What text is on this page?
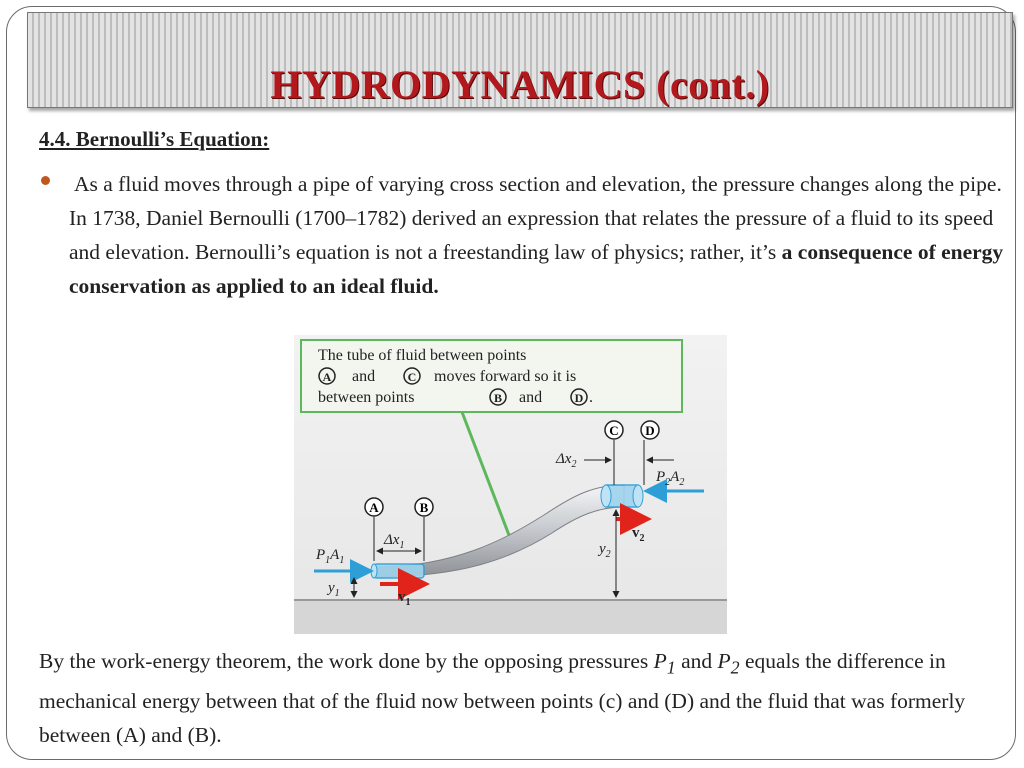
HYDRODYNAMICS (cont.)
4.4. Bernoulli’s Equation:
As a fluid moves through a pipe of varying cross section and elevation, the pressure changes along the pipe. In 1738, Daniel Bernoulli (1700–1782) derived an expression that relates the pressure of a fluid to its speed and elevation. Bernoulli’s equation is not a freestanding law of physics; rather, it’s a consequence of energy conservation as applied to an ideal fluid.
The tube of fluid between points
A and	C moves forward so it is
between points	B and	D .
A	B
$\Delta x_1$
C D
$\Delta x_2$
$P_1A_1$
$P_2A_2$
$v_1$
$v_2$
$y_1$
$y_2$
By the work-energy theorem, the work done by the opposing pressures $P_1$ and $P_2$ equals the difference in mechanical energy between that of the fluid now between points (c) and (D) and the fluid that was formerly between (A) and (B).
